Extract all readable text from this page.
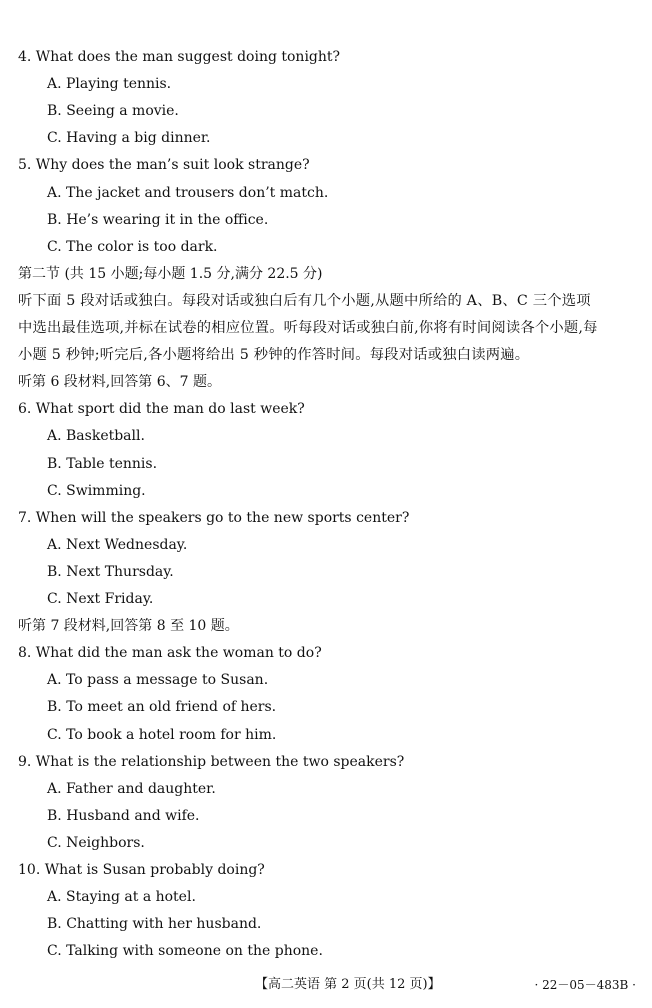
4. What does the man suggest doing tonight?
A. Playing tennis.
B. Seeing a movie.
C. Having a big dinner.
5. Why does the man’s suit look strange?
A. The jacket and trousers don’t match.
B. He’s wearing it in the office.
C. The color is too dark.
第二节 (共 15 小题;每小题 1.5 分,满分 22.5 分)
听下面 5 段对话或独白。每段对话或独白后有几个小题,从题中所给的 A、B、C 三个选项
中选出最佳选项,并标在试卷的相应位置。听每段对话或独白前,你将有时间阅读各个小题,每
小题 5 秒钟;听完后,各小题将给出 5 秒钟的作答时间。每段对话或独白读两遍。
听第 6 段材料,回答第 6、7 题。
6. What sport did the man do last week?
A. Basketball.
B. Table tennis.
C. Swimming.
7. When will the speakers go to the new sports center?
A. Next Wednesday.
B. Next Thursday.
C. Next Friday.
听第 7 段材料,回答第 8 至 10 题。
8. What did the man ask the woman to do?
A. To pass a message to Susan.
B. To meet an old friend of hers.
C. To book a hotel room for him.
9. What is the relationship between the two speakers?
A. Father and daughter.
B. Husband and wife.
C. Neighbors.
10. What is Susan probably doing?
A. Staying at a hotel.
B. Chatting with her husband.
C. Talking with someone on the phone.
【高二英语 第 2 页(共 12 页)】	· 22－05－483B ·
